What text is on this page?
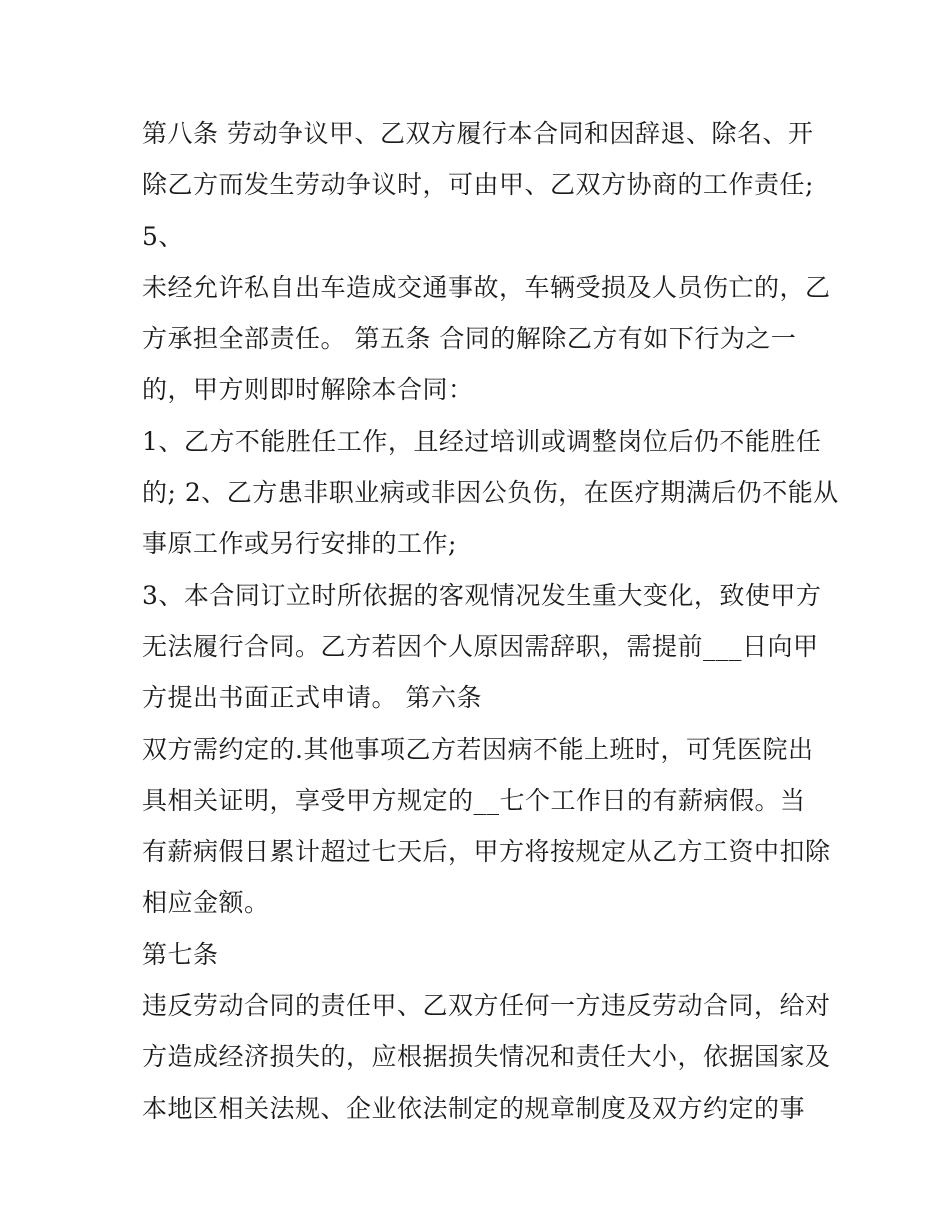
第八条 劳动争议甲、乙双方履行本合同和因辞退、除名、开
除乙方而发生劳动争议时，可由甲、乙双方协商的工作责任;
5、
未经允许私自出车造成交通事故，车辆受损及人员伤亡的，乙
方承担全部责任。 第五条 合同的解除乙方有如下行为之一
的，甲方则即时解除本合同：
1、乙方不能胜任工作，且经过培训或调整岗位后仍不能胜任
的; 2、乙方患非职业病或非因公负伤，在医疗期满后仍不能从
事原工作或另行安排的工作;
3、本合同订立时所依据的客观情况发生重大变化，致使甲方
无法履行合同。乙方若因个人原因需辞职，需提前___日向甲
方提出书面正式申请。 第六条
双方需约定的.其他事项乙方若因病不能上班时，可凭医院出
具相关证明，享受甲方规定的__七个工作日的有薪病假。当
有薪病假日累计超过七天后，甲方将按规定从乙方工资中扣除
相应金额。
第七条
违反劳动合同的责任甲、乙双方任何一方违反劳动合同，给对
方造成经济损失的，应根据损失情况和责任大小，依据国家及
本地区相关法规、企业依法制定的规章制度及双方约定的事
